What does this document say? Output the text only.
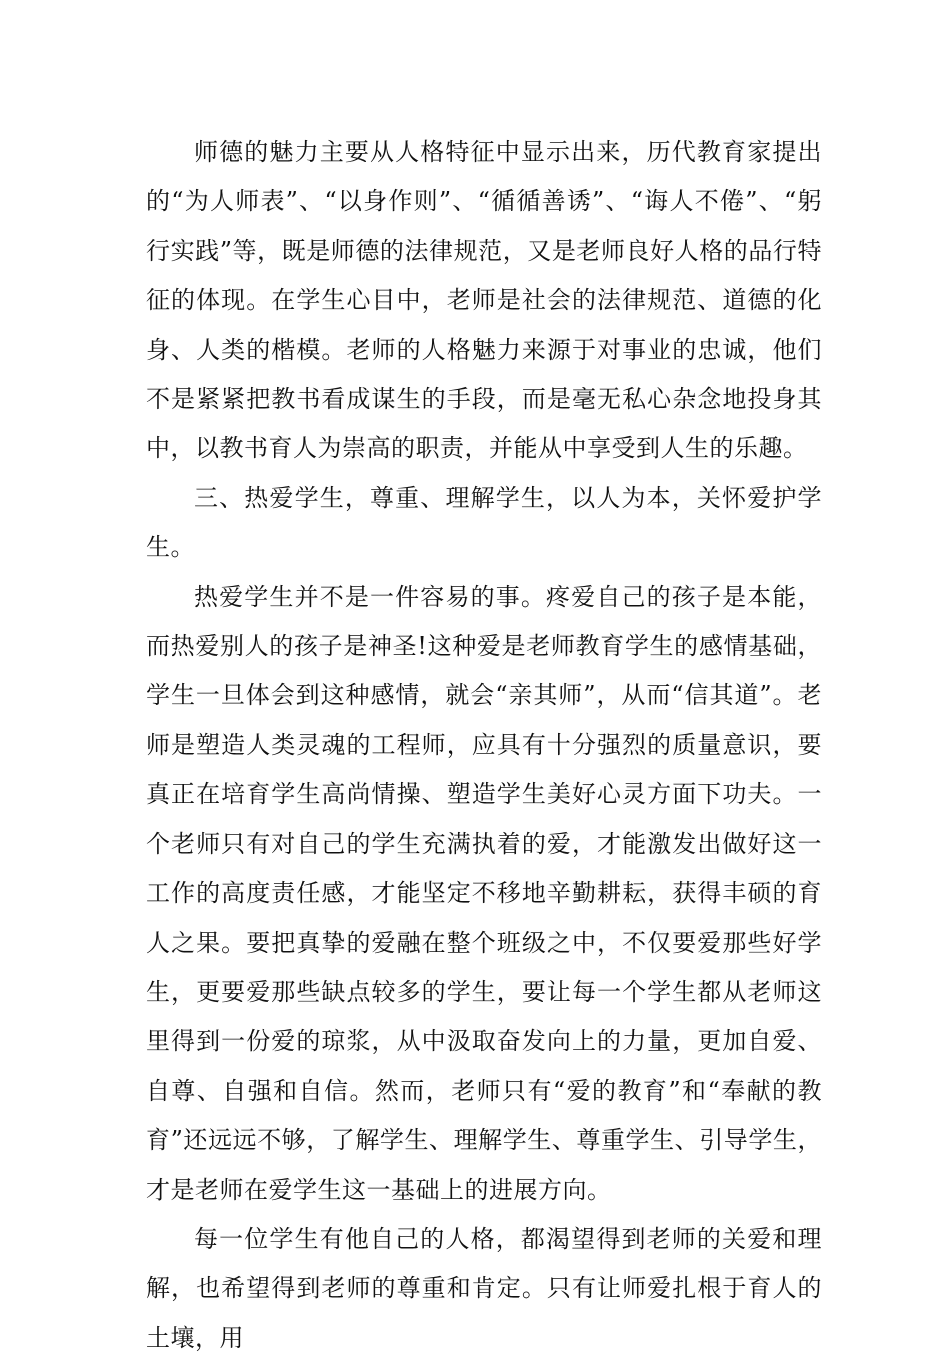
师德的魅力主要从人格特征中显示出来，历代教育家提出的“为人师表”、“以身作则”、“循循善诱”、“诲人不倦”、“躬行实践”等，既是师德的法律规范，又是老师良好人格的品行特征的体现。在学生心目中，老师是社会的法律规范、道德的化身、人类的楷模。老师的人格魅力来源于对事业的忠诚，他们不是紧紧把教书看成谋生的手段，而是毫无私心杂念地投身其中，以教书育人为崇高的职责，并能从中享受到人生的乐趣。

三、热爱学生，尊重、理解学生，以人为本，关怀爱护学生。

热爱学生并不是一件容易的事。疼爱自己的孩子是本能，而热爱别人的孩子是神圣!这种爱是老师教育学生的感情基础，学生一旦体会到这种感情，就会“亲其师”，从而“信其道”。老师是塑造人类灵魂的工程师，应具有十分强烈的质量意识，要真正在培育学生高尚情操、塑造学生美好心灵方面下功夫。一个老师只有对自己的学生充满执着的爱，才能激发出做好这一工作的高度责任感，才能坚定不移地辛勤耕耘，获得丰硕的育人之果。要把真挚的爱融在整个班级之中，不仅要爱那些好学生，更要爱那些缺点较多的学生，要让每一个学生都从老师这里得到一份爱的琼浆，从中汲取奋发向上的力量，更加自爱、自尊、自强和自信。然而，老师只有“爱的教育”和“奉献的教育”还远远不够，了解学生、理解学生、尊重学生、引导学生，才是老师在爱学生这一基础上的进展方向。

每一位学生有他自己的人格，都渴望得到老师的关爱和理解，也希望得到老师的尊重和肯定。只有让师爱扎根于育人的土壤，用
